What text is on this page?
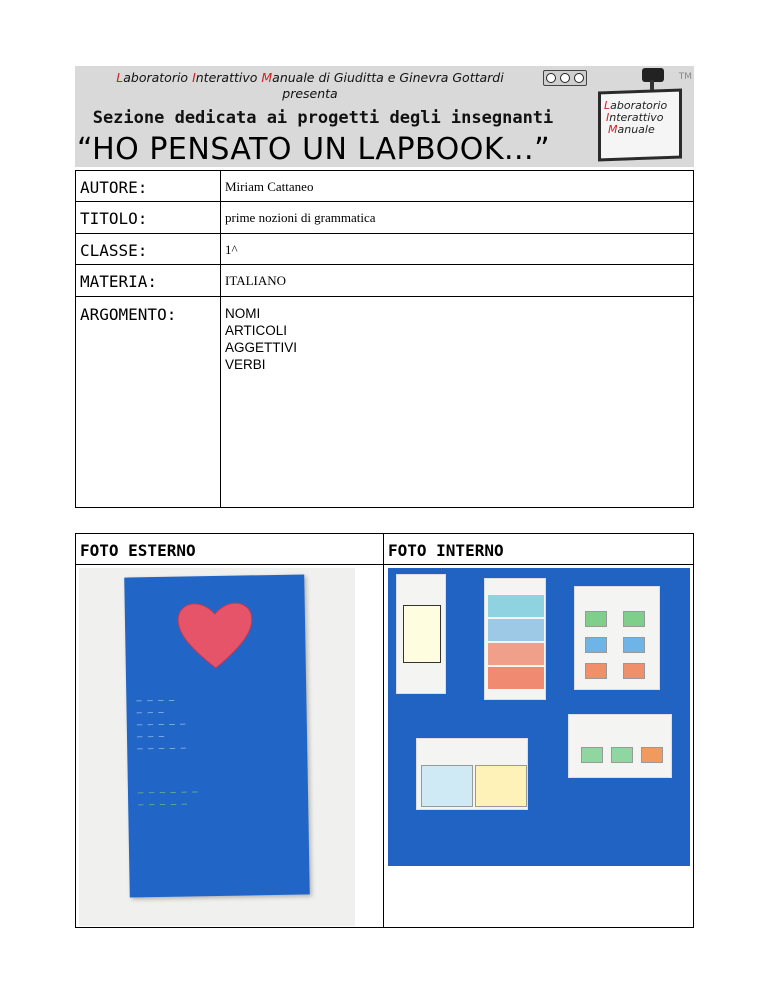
Laboratorio Interattivo Manuale di Giuditta e Ginevra Gottardi
presenta
Sezione dedicata ai progetti degli insegnanti
“HO PENSATO UN LAPBOOK...”
Laboratorio
Interattivo
Manuale
TM
AUTORE:	Miriam Cattaneo
TITOLO:	prime nozioni di grammatica
CLASSE:	1^
MATERIA:	ITALIANO
ARGOMENTO:	NOMI
ARTICOLI
AGGETTIVI
VERBI
FOTO ESTERNO	FOTO INTERNO
— — — —
— — —
— — — — —
— — —
— — — — —
— — — — — —
— — — — —
